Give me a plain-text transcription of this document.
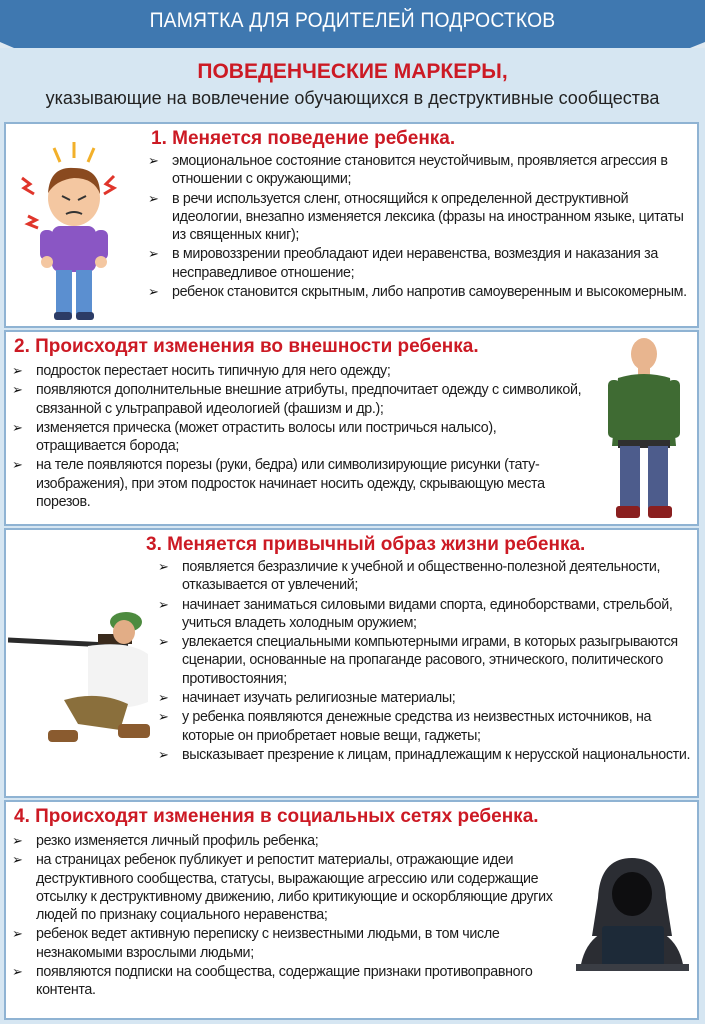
ПАМЯТКА ДЛЯ РОДИТЕЛЕЙ ПОДРОСТКОВ
ПОВЕДЕНЧЕСКИЕ МАРКЕРЫ,
указывающие на вовлечение обучающихся в деструктивные сообщества
1. Меняется поведение ребенка.
➢ эмоциональное состояние становится неустойчивым, проявляется агрессия в отношении с окружающими;
➢ в речи используется сленг, относящийся к определенной деструктивной идеологии, внезапно изменяется лексика (фразы на иностранном языке, цитаты из священных книг);
➢ в мировоззрении преобладают идеи неравенства, возмездия и наказания за несправедливое отношение;
➢ ребенок становится скрытным, либо напротив самоуверенным и высокомерным.
2. Происходят изменения во внешности ребенка.
➢ подросток перестает носить типичную для него одежду;
➢ появляются дополнительные внешние атрибуты, предпочитает одежду с символикой, связанной с ультраправой идеологией (фашизм и др.);
➢ изменяется прическа (может отрастить волосы или постричься налысо), отращивается борода;
➢ на теле появляются порезы (руки, бедра) или символизирующие рисунки (тату-изображения), при этом подросток начинает носить одежду, скрывающую места порезов.
3. Меняется привычный образ жизни ребенка.
➢ появляется безразличие к учебной и общественно-полезной деятельности, отказывается от увлечений;
➢ начинает заниматься силовыми видами спорта, единоборствами, стрельбой, учиться владеть холодным оружием;
➢ увлекается специальными компьютерными играми, в которых разыгрываются сценарии, основанные на пропаганде расового, этнического, политического противостояния;
➢ начинает изучать религиозные материалы;
➢ у ребенка появляются денежные средства из неизвестных источников, на которые он приобретает новые вещи, гаджеты;
➢ высказывает презрение к лицам, принадлежащим к нерусской национальности.
4. Происходят изменения в социальных сетях ребенка.
➢ резко изменяется личный профиль ребенка;
➢ на страницах ребенок публикует и репостит материалы, отражающие идеи деструктивного сообщества, статусы, выражающие агрессию или содержащие отсылку к деструктивному движению, либо критикующие и оскорбляющие других людей по признаку социального неравенства;
➢ ребенок ведет активную переписку с неизвестными людьми, в том числе незнакомыми взрослыми людьми;
➢ появляются подписки на сообщества, содержащие признаки противоправного контента.
